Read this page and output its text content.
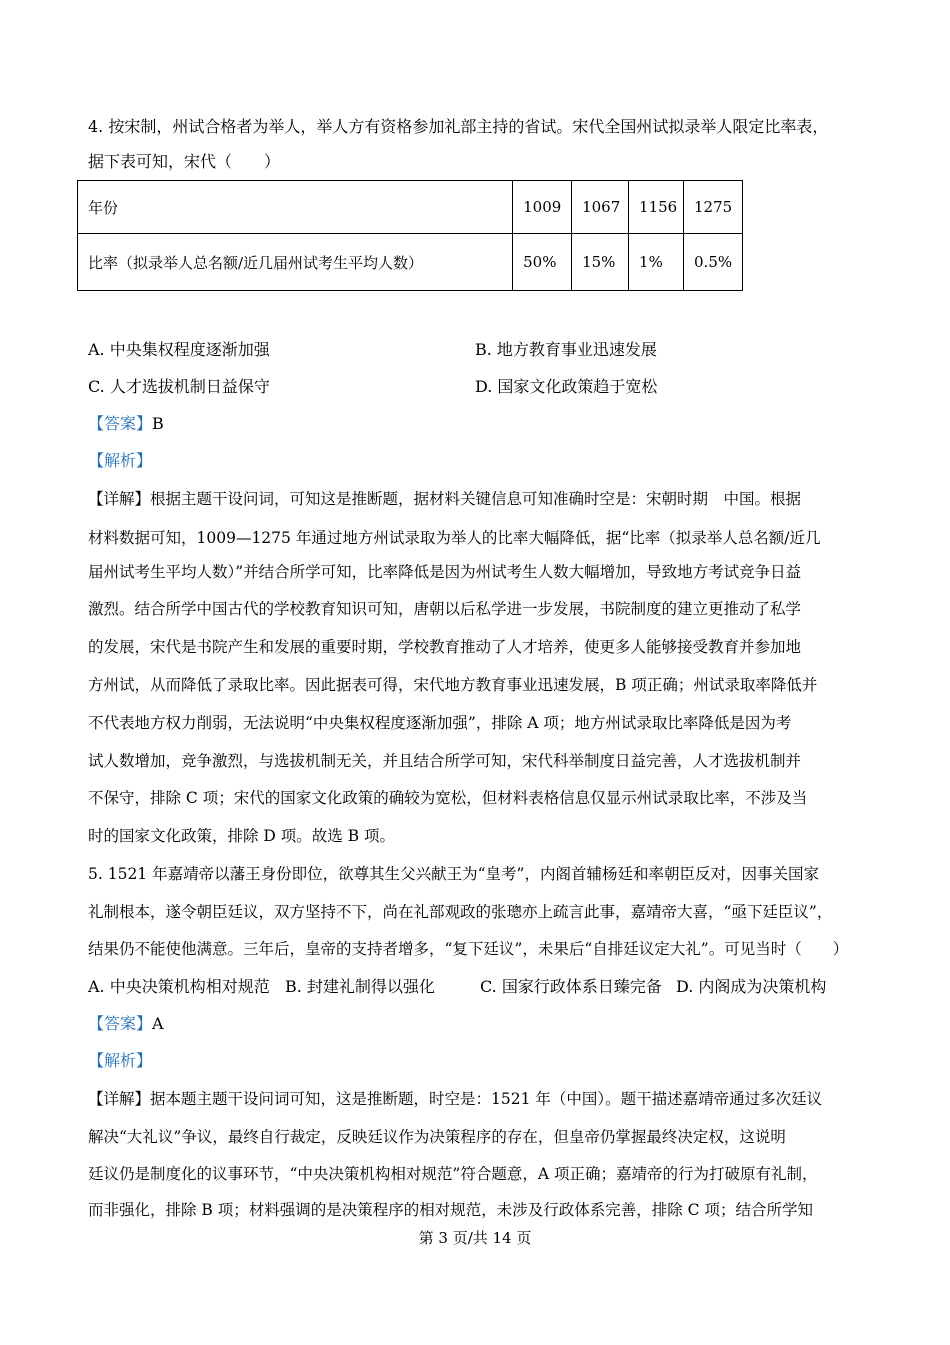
4. 按宋制，州试合格者为举人，举人方有资格参加礼部主持的省试。宋代全国州试拟录举人限定比率表，
据下表可知，宋代（　　）
年份	1009	1067	1156	1275
比率（拟录举人总名额/近几届州试考生平均人数）	50%	15%	1%	0.5%
A. 中央集权程度逐渐加强	B. 地方教育事业迅速发展
C. 人才选拔机制日益保守	D. 国家文化政策趋于宽松
【答案】B
【解析】
【详解】根据主题干设问词，可知这是推断题，据材料关键信息可知准确时空是：宋朝时期　中国。根据
材料数据可知，1009—1275 年通过地方州试录取为举人的比率大幅降低，据“比率（拟录举人总名额/近几
届州试考生平均人数）”并结合所学可知，比率降低是因为州试考生人数大幅增加，导致地方考试竞争日益
激烈。结合所学中国古代的学校教育知识可知，唐朝以后私学进一步发展，书院制度的建立更推动了私学
的发展，宋代是书院产生和发展的重要时期，学校教育推动了人才培养，使更多人能够接受教育并参加地
方州试，从而降低了录取比率。因此据表可得，宋代地方教育事业迅速发展，B 项正确；州试录取率降低并
不代表地方权力削弱，无法说明“中央集权程度逐渐加强”，排除 A 项；地方州试录取比率降低是因为考
试人数增加，竞争激烈，与选拔机制无关，并且结合所学可知，宋代科举制度日益完善，人才选拔机制并
不保守，排除 C 项；宋代的国家文化政策的确较为宽松，但材料表格信息仅显示州试录取比率，不涉及当
时的国家文化政策，排除 D 项。故选 B 项。
5. 1521 年嘉靖帝以藩王身份即位，欲尊其生父兴献王为“皇考”，内阁首辅杨廷和率朝臣反对，因事关国家
礼制根本，遂令朝臣廷议，双方坚持不下，尚在礼部观政的张璁亦上疏言此事，嘉靖帝大喜，“亟下廷臣议”，
结果仍不能使他满意。三年后，皇帝的支持者增多，“复下廷议”，未果后“自排廷议定大礼”。可见当时（　　）
A. 中央决策机构相对规范 B. 封建礼制得以强化	C. 国家行政体系日臻完备 D. 内阁成为决策机构
【答案】A
【解析】
【详解】据本题主题干设问词可知，这是推断题，时空是：1521 年（中国）。题干描述嘉靖帝通过多次廷议
解决“大礼议”争议，最终自行裁定，反映廷议作为决策程序的存在，但皇帝仍掌握最终决定权，这说明
廷议仍是制度化的议事环节，“中央决策机构相对规范”符合题意，A 项正确；嘉靖帝的行为打破原有礼制，
而非强化，排除 B 项；材料强调的是决策程序的相对规范，未涉及行政体系完善，排除 C 项；结合所学知
第 3 页/共 14 页
